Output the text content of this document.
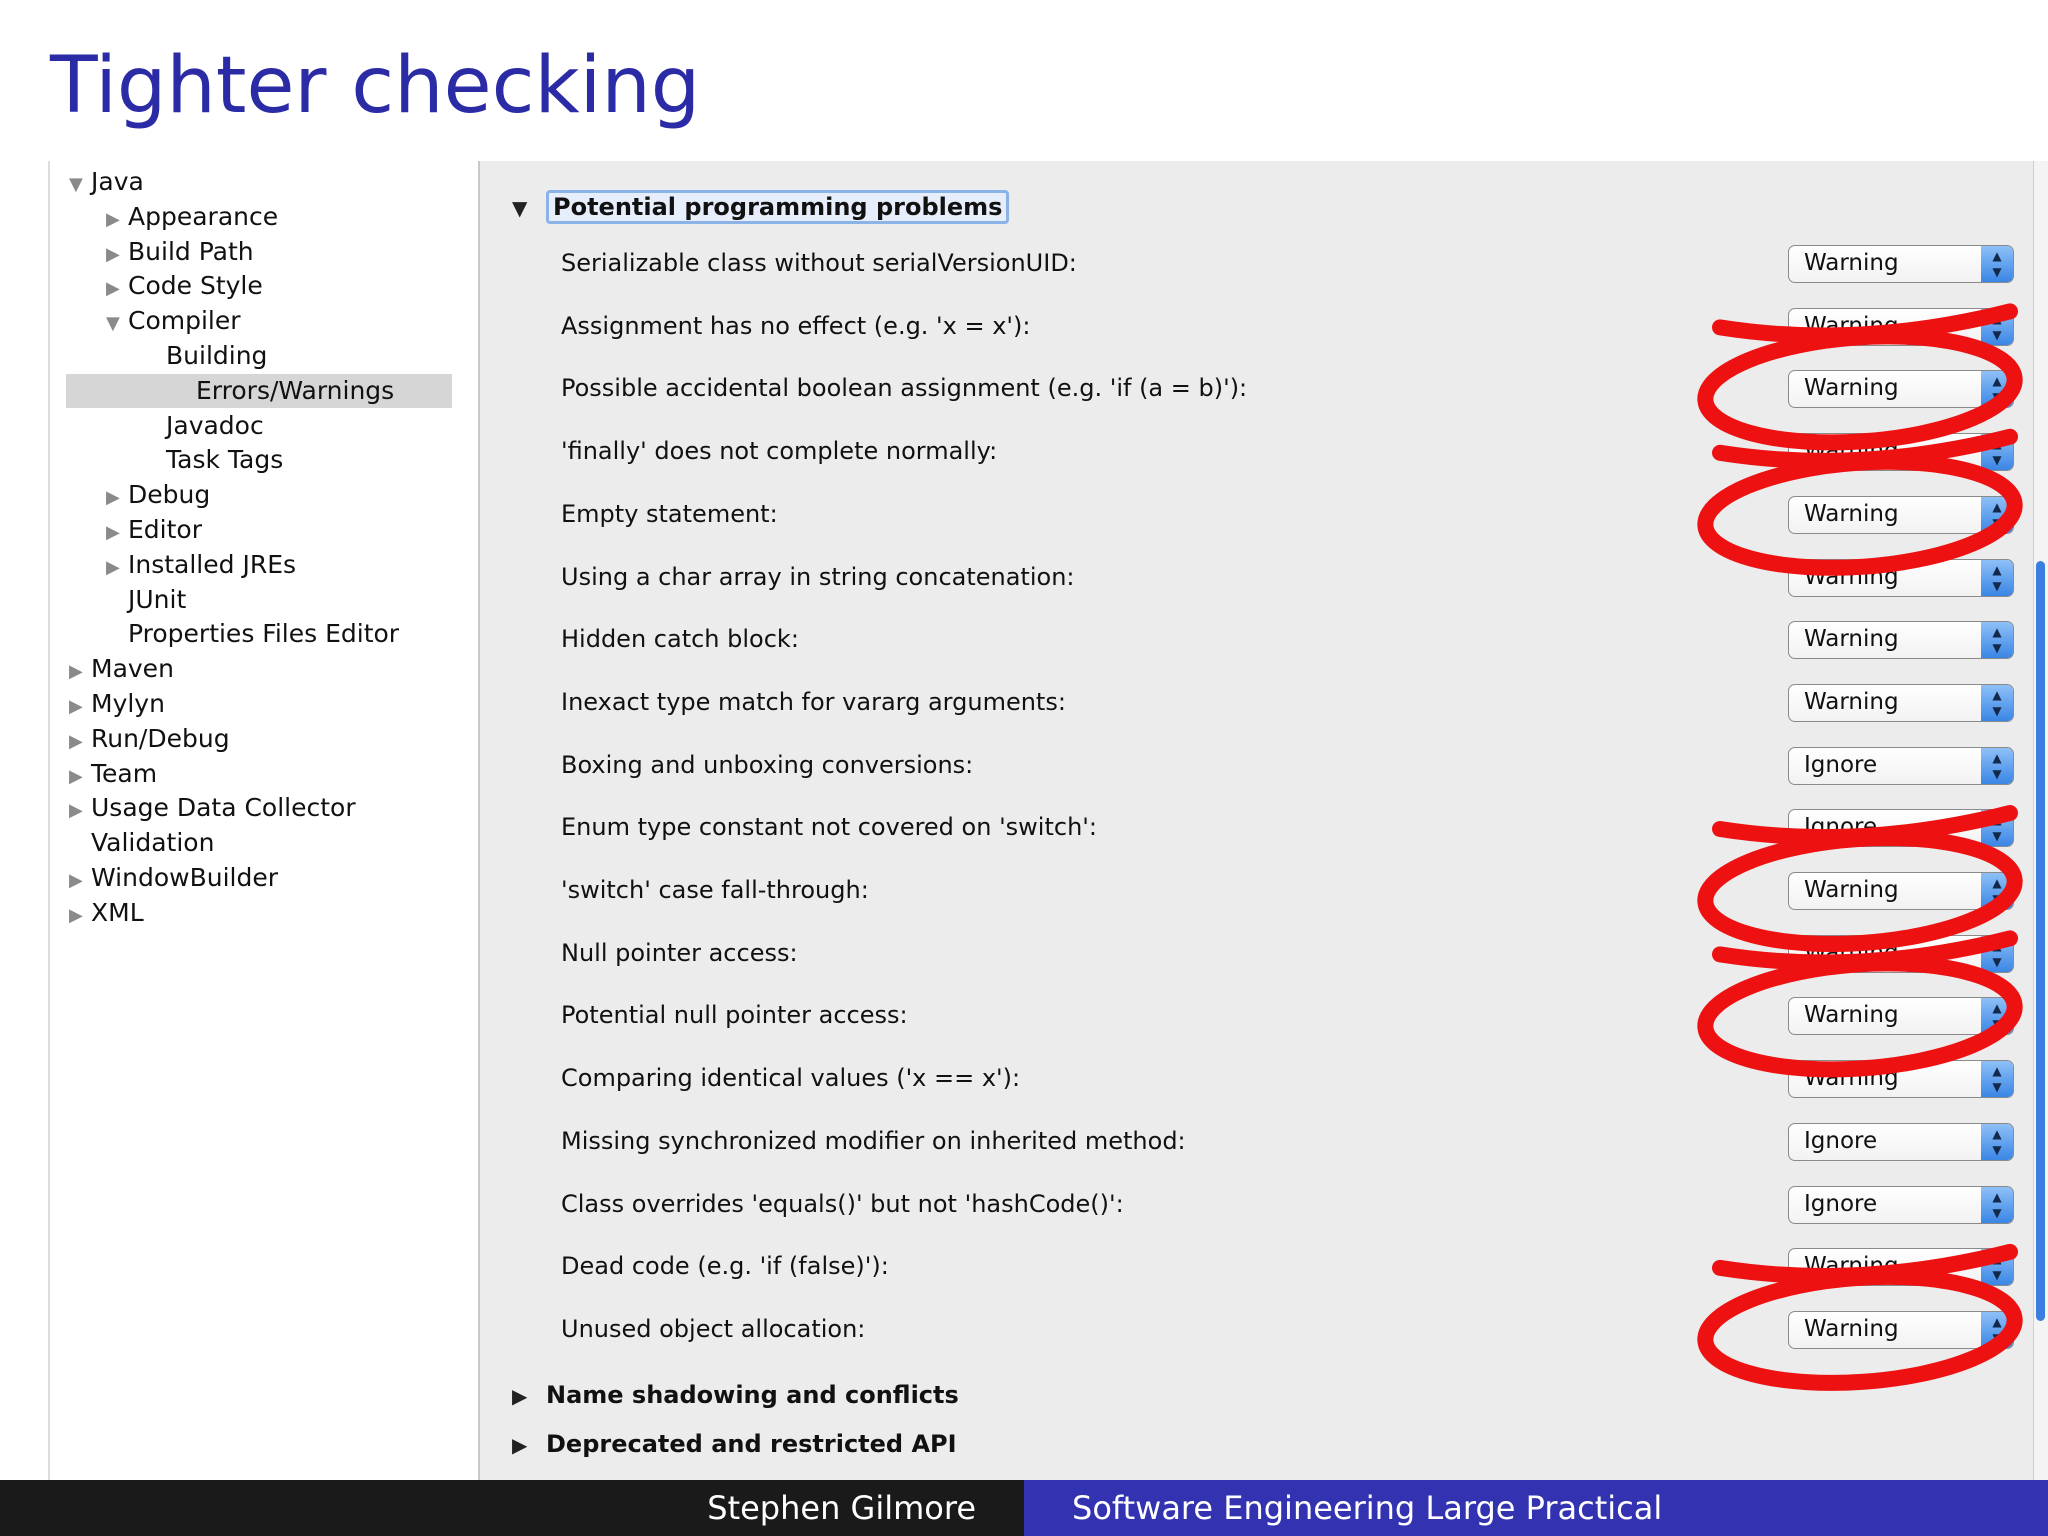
Tighter checking
▼ Java
▶ Appearance
▶ Build Path
▶ Code Style
▼ Compiler
Building
Errors/Warnings
Javadoc
Task Tags
▶ Debug
▶ Editor
▶ Installed JREs
JUnit
Properties Files Editor
▶ Maven
▶ Mylyn
▶ Run/Debug
▶ Team
▶ Usage Data Collector
Validation
▶ WindowBuilder
▶ XML
▼ Potential programming problems
Serializable class without serialVersionUID:	Warning	▲
▼
Assignment has no effect (e.g. 'x = x'):	Warning	▲
▼
Possible accidental boolean assignment (e.g. 'if (a = b)'):	Warning	▲
▼
'finally' does not complete normally:	Warning	▲
▼
Empty statement:	Warning	▲
▼
Using a char array in string concatenation:	Warning	▲
▼
Hidden catch block:	Warning	▲
▼
Inexact type match for vararg arguments:	Warning	▲
▼
Boxing and unboxing conversions:	Ignore	▲
▼
Enum type constant not covered on 'switch':	Ignore	▲
▼
'switch' case fall-through:	Warning	▲
▼
Null pointer access:	Warning	▲
▼
Potential null pointer access:	Warning	▲
▼
Comparing identical values ('x == x'):	Warning	▲
▼
Missing synchronized modifier on inherited method:	Ignore	▲
▼
Class overrides 'equals()' but not 'hashCode()':	Ignore	▲
▼
Dead code (e.g. 'if (false)'):	Warning	▲
▼
Unused object allocation:	Warning	▲
▼
▶ Name shadowing and conflicts
▶ Deprecated and restricted API
Stephen Gilmore	Software Engineering Large Practical
